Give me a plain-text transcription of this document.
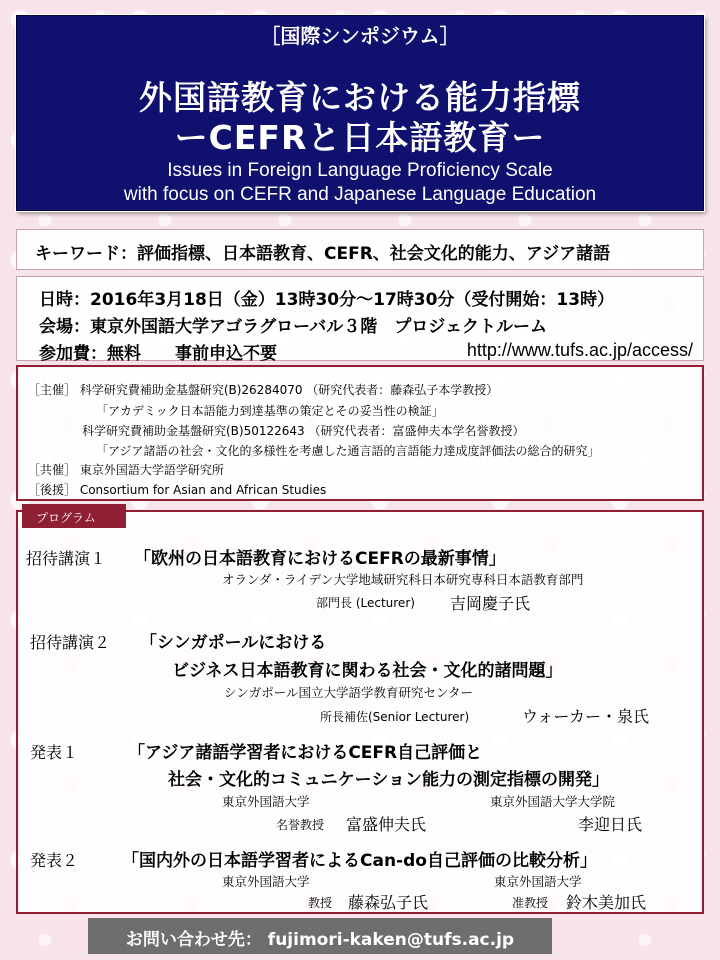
［国際シンポジウム］
外国語教育における能力指標
ーCEFRと日本語教育ー
Issues in Foreign Language Proficiency Scale
with focus on CEFR and Japanese Language Education
キーワード：評価指標、日本語教育、CEFR、社会文化的能力、アジア諸語
日時：2016年3月18日（金）13時30分～17時30分（受付開始：13時）
会場：東京外国語大学アゴラグローバル３階　プロジェクトルーム
参加費：無料　　事前申込不要	http://www.tufs.ac.jp/access/
［主催］ 科学研究費補助金基盤研究(B)26284070 （研究代表者：藤森弘子本学教授）
「アカデミック日本語能力到達基準の策定とその妥当性の検証」
科学研究費補助金基盤研究(B)50122643 （研究代表者：富盛伸夫本学名誉教授）
「アジア諸語の社会・文化的多様性を考慮した通言語的言語能力達成度評価法の総合的研究」
［共催］ 東京外国語大学語学研究所
［後援］ Consortium for Asian and African Studies
招待講演１ 「欧州の日本語教育におけるCEFRの最新事情」
オランダ・ライデン大学地域研究科日本研究専科日本語教育部門
部門長 (Lecturer) 吉岡慶子氏
招待講演２ 「シンガポールにおける
ビジネス日本語教育に関わる社会・文化的諸問題」
シンガポール国立大学語学教育研究センター
所長補佐(Senior Lecturer)	ウォーカー・泉氏
発表１	「アジア諸語学習者におけるCEFR自己評価と
社会・文化的コミュニケーション能力の測定指標の開発」
東京外国語大学	東京外国語大学大学院
名誉教授 富盛伸夫氏	李迎日氏
発表２	「国内外の日本語学習者によるCan-do自己評価の比較分析」
東京外国語大学	東京外国語大学
教授 藤森弘子氏	准教授 鈴木美加氏
プログラム
お問い合わせ先： fujimori-kaken@tufs.ac.jp
